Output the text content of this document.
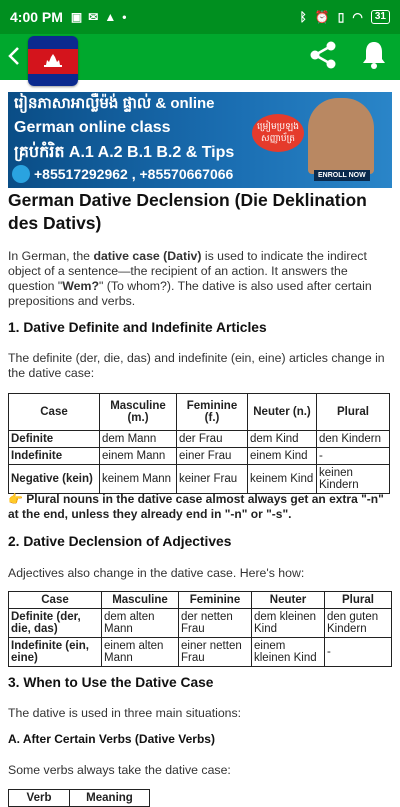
4:00 PM ▣ ✉ ▲ •	ᛒ ⏰ ▯ ◠	31
រៀនភាសាអាល្លឺម៉ង់ ផ្ទាល់ & online
German online class
គ្រប់កំរិត A.1 A.2 B.1 B.2 & Tips
+85517292962 , +85570667066
ម្រៀមប្រឡងសញ្ញាប័ត្រ
ENROLL NOW
German Dative Declension (Die Deklination des Dativs)

In German, the dative case (Dativ) is used to indicate the indirect object of a sentence—the recipient of an action. It answers the question "Wem?" (To whom?). The dative is also used after certain prepositions and verbs.

1. Dative Definite and Indefinite Articles

The definite (der, die, das) and indefinite (ein, eine) articles change in the dative case:

Case	Masculine (m.)	Feminine (f.)	Neuter (n.)	Plural
Definite	dem Mann	der Frau	dem Kind	den Kindern
Indefinite	einem Mann	einer Frau	einem Kind	-
Negative (kein)	keinem Mann	keiner Frau	keinem Kind	keinen Kindern
👉 Plural nouns in the dative case almost always get an extra "-n" at the end, unless they already end in "-n" or "-s".
2. Dative Declension of Adjectives

Adjectives also change in the dative case. Here's how:

Case	Masculine	Feminine	Neuter	Plural
Definite (der, die, das)	dem alten Mann	der netten Frau	dem kleinen Kind	den guten Kindern
Indefinite (ein, eine)	einem alten Mann	einer netten Frau	einem kleinen Kind	-
3. When to Use the Dative Case

The dative is used in three main situations:

A. After Certain Verbs (Dative Verbs)

Some verbs always take the dative case:

Verb	Meaning
